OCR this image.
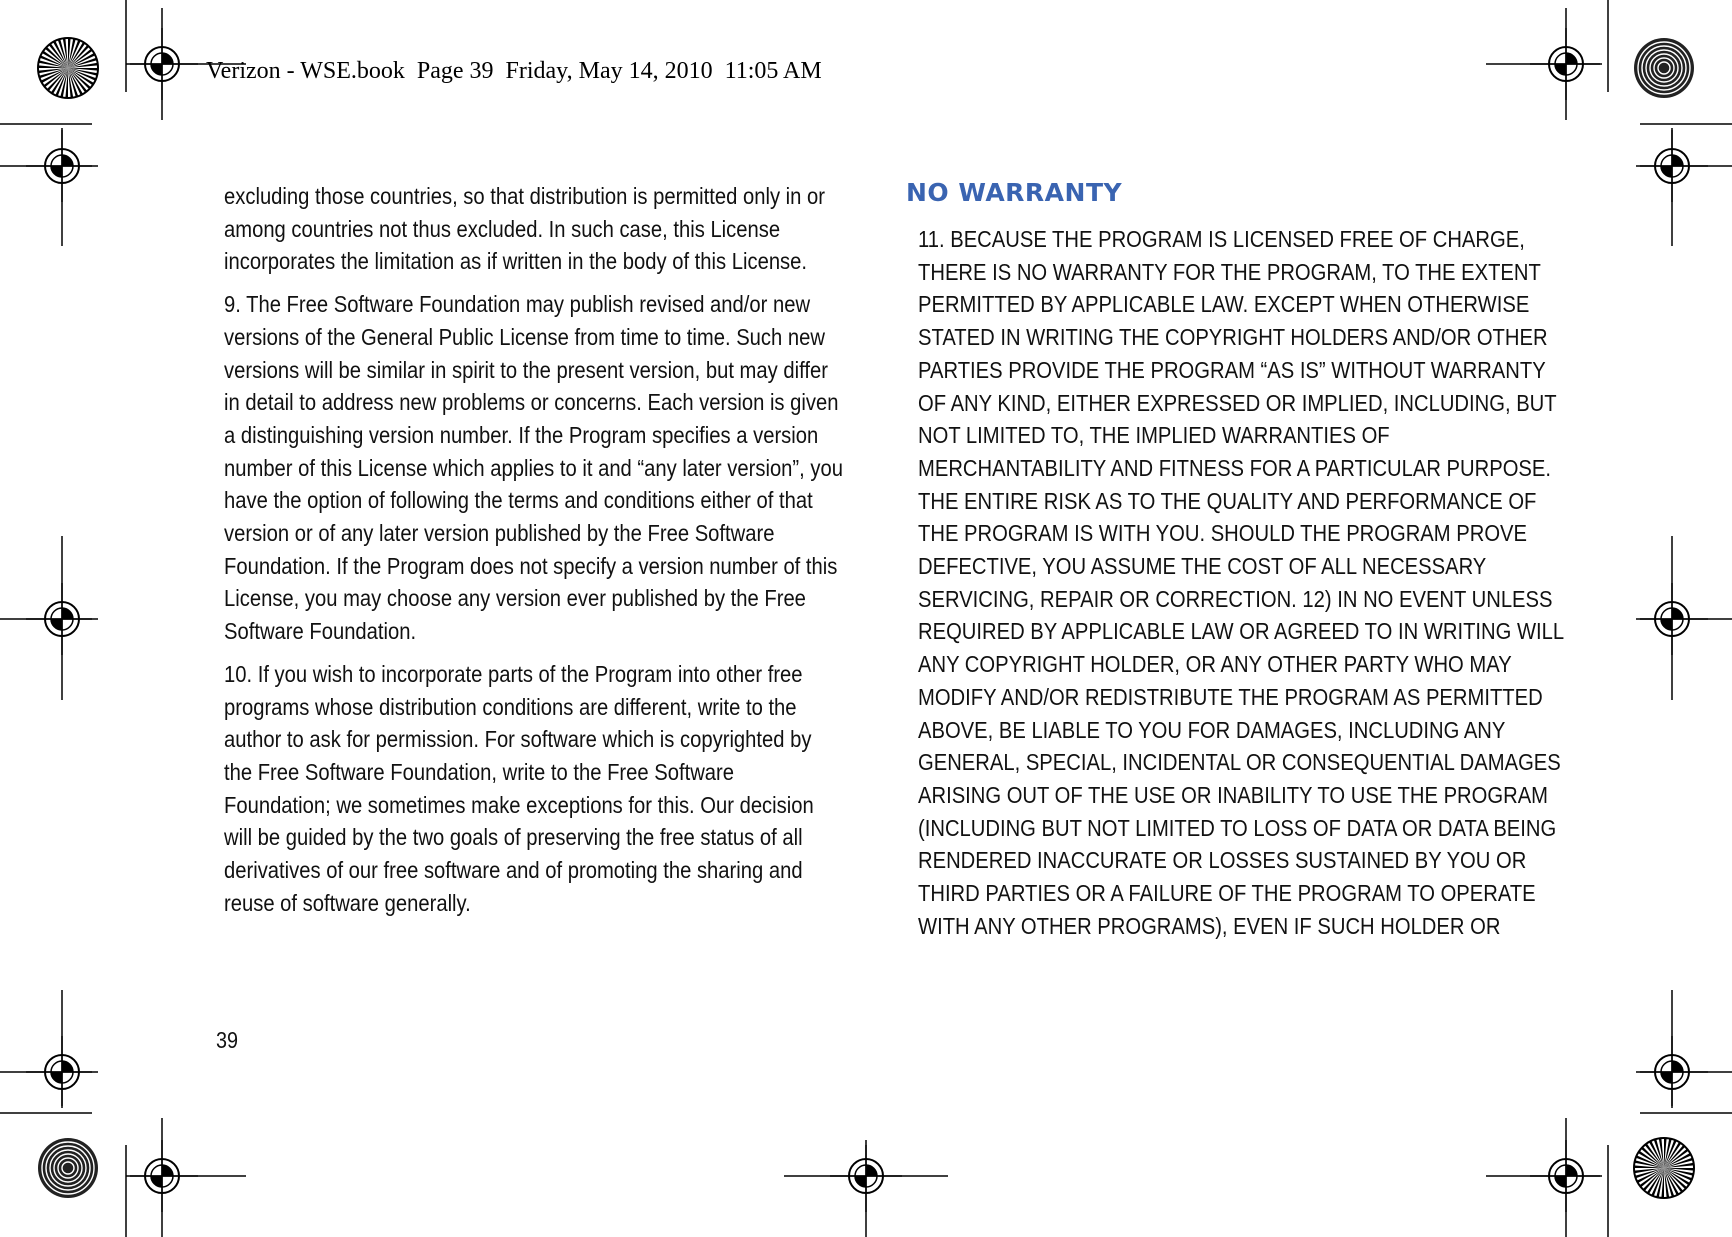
Verizon - WSE.book  Page 39  Friday, May 14, 2010  11:05 AM

excluding those countries, so that distribution is permitted only in or among countries not thus excluded. In such case, this License incorporates the limitation as if written in the body of this License.

9. The Free Software Foundation may publish revised and/or new versions of the General Public License from time to time. Such new versions will be similar in spirit to the present version, but may differ in detail to address new problems or concerns. Each version is given a distinguishing version number. If the Program specifies a version number of this License which applies to it and “any later version”, you have the option of following the terms and conditions either of that version or of any later version published by the Free Software Foundation. If the Program does not specify a version number of this License, you may choose any version ever published by the Free Software Foundation.

10. If you wish to incorporate parts of the Program into other free programs whose distribution conditions are different, write to the author to ask for permission. For software which is copyrighted by the Free Software Foundation, write to the Free Software Foundation; we sometimes make exceptions for this. Our decision will be guided by the two goals of preserving the free status of all derivatives of our free software and of promoting the sharing and reuse of software generally.

NO WARRANTY
11. BECAUSE THE PROGRAM IS LICENSED FREE OF CHARGE,
THERE IS NO WARRANTY FOR THE PROGRAM, TO THE EXTENT
PERMITTED BY APPLICABLE LAW. EXCEPT WHEN OTHERWISE
STATED IN WRITING THE COPYRIGHT HOLDERS AND/OR OTHER
PARTIES PROVIDE THE PROGRAM “AS IS” WITHOUT WARRANTY
OF ANY KIND, EITHER EXPRESSED OR IMPLIED, INCLUDING, BUT
NOT LIMITED TO, THE IMPLIED WARRANTIES OF
MERCHANTABILITY AND FITNESS FOR A PARTICULAR PURPOSE.
THE ENTIRE RISK AS TO THE QUALITY AND PERFORMANCE OF
THE PROGRAM IS WITH YOU. SHOULD THE PROGRAM PROVE
DEFECTIVE, YOU ASSUME THE COST OF ALL NECESSARY
SERVICING, REPAIR OR CORRECTION. 12) IN NO EVENT UNLESS
REQUIRED BY APPLICABLE LAW OR AGREED TO IN WRITING WILL
ANY COPYRIGHT HOLDER, OR ANY OTHER PARTY WHO MAY
MODIFY AND/OR REDISTRIBUTE THE PROGRAM AS PERMITTED
ABOVE, BE LIABLE TO YOU FOR DAMAGES, INCLUDING ANY
GENERAL, SPECIAL, INCIDENTAL OR CONSEQUENTIAL DAMAGES
ARISING OUT OF THE USE OR INABILITY TO USE THE PROGRAM
(INCLUDING BUT NOT LIMITED TO LOSS OF DATA OR DATA BEING
RENDERED INACCURATE OR LOSSES SUSTAINED BY YOU OR
THIRD PARTIES OR A FAILURE OF THE PROGRAM TO OPERATE
WITH ANY OTHER PROGRAMS), EVEN IF SUCH HOLDER OR
39
